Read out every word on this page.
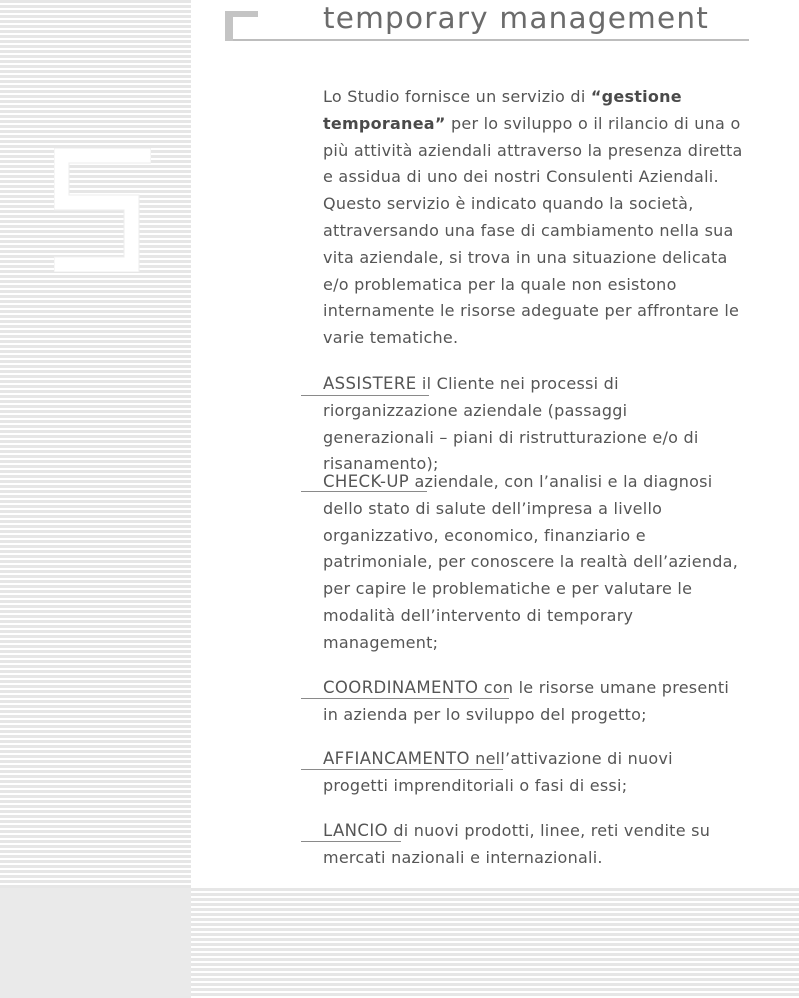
temporary management
Lo Studio fornisce un servizio di “gestione temporanea” per lo sviluppo o il rilancio di una o più attività aziendali attraverso la presenza diretta e assidua di uno dei nostri Consulenti Aziendali. Questo servizio è indicato quando la società, attraversando una fase di cambiamento nella sua vita aziendale, si trova in una situazione delicata e/o problematica per la quale non esistono internamente le risorse adeguate per affrontare le varie tematiche.
ASSISTERE il Cliente nei processi di riorganizzazione aziendale (passaggi generazionali – piani di ristrutturazione e/o di risanamento);
CHECK-UP aziendale, con l’analisi e la diagnosi dello stato di salute dell’impresa a livello organizzativo, economico, finanziario e patrimoniale, per conoscere la realtà dell’azienda, per capire le problematiche e per valutare le modalità dell’intervento di temporary management;
COORDINAMENTO con le risorse umane presenti in azienda per lo sviluppo del progetto;
AFFIANCAMENTO nell’attivazione di nuovi progetti imprenditoriali o fasi di essi;
LANCIO di nuovi prodotti, linee, reti vendite su mercati nazionali e internazionali.
